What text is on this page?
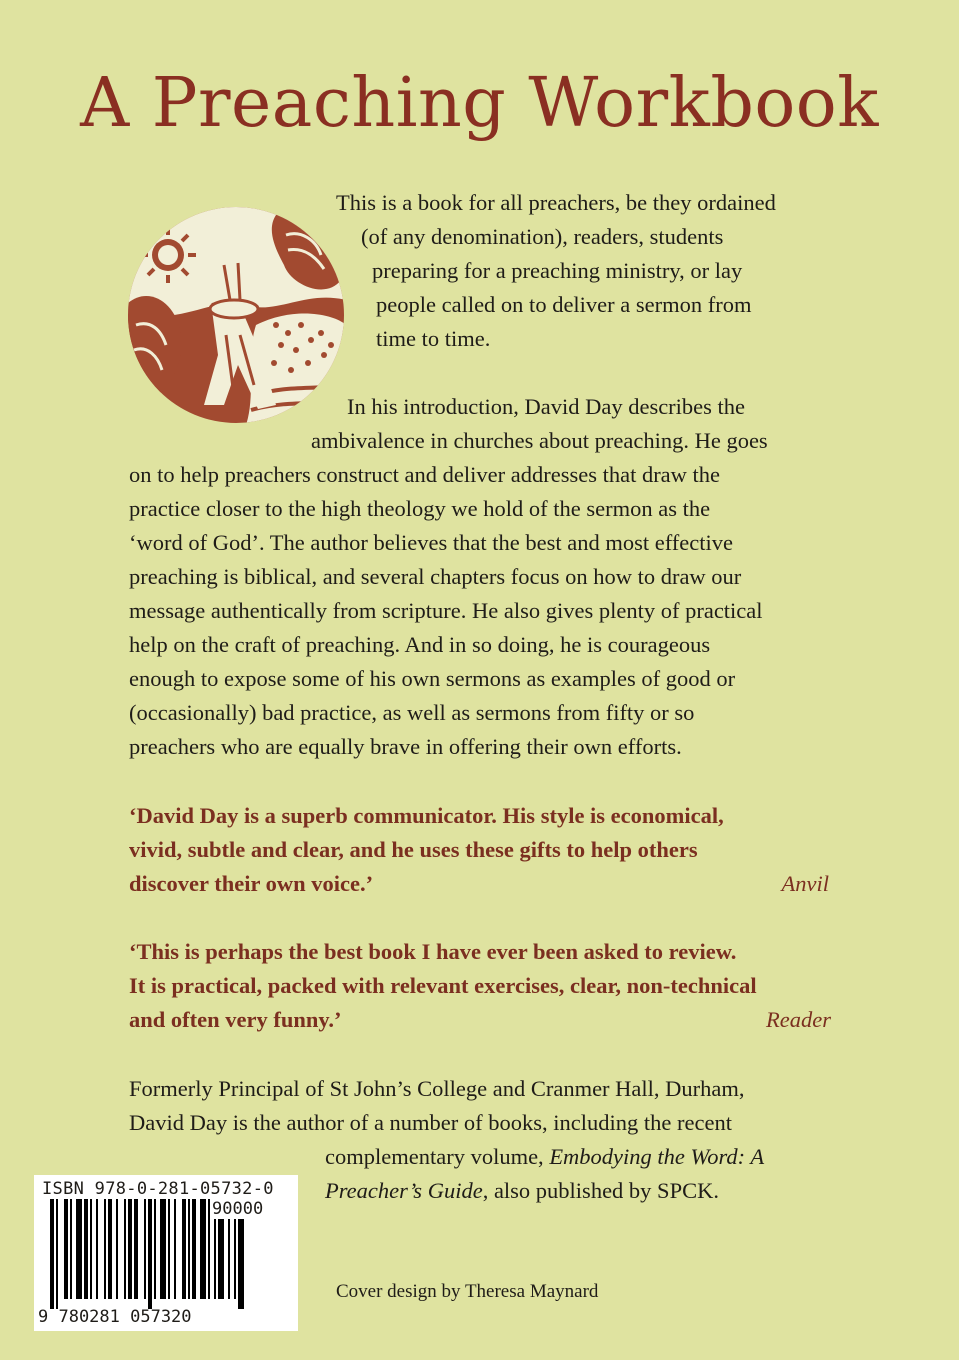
A Preaching Workbook
This is a book for all preachers, be they ordained
(of any denomination), readers, students
preparing for a preaching ministry, or lay
people called on to deliver a sermon from
time to time.
In his introduction, David Day describes the
ambivalence in churches about preaching. He goes
on to help preachers construct and deliver addresses that draw the
practice closer to the high theology we hold of the sermon as the
‘word of God’. The author believes that the best and most effective
preaching is biblical, and several chapters focus on how to draw our
message authentically from scripture. He also gives plenty of practical
help on the craft of preaching. And in so doing, he is courageous
enough to expose some of his own sermons as examples of good or
(occasionally) bad practice, as well as sermons from fifty or so
preachers who are equally brave in offering their own efforts.
‘David Day is a superb communicator. His style is economical,
vivid, subtle and clear, and he uses these gifts to help others
discover their own voice.’	Anvil
‘This is perhaps the best book I have ever been asked to review.
It is practical, packed with relevant exercises, clear, non-technical
and often very funny.’	Reader
Formerly Principal of St John’s College and Cranmer Hall, Durham,
David Day is the author of a number of books, including the recent
complementary volume, Embodying the Word: A
Preacher’s Guide, also published by SPCK.
ISBN 978-0-281-05732-0
90000
9 780281 057320
Cover design by Theresa Maynard
